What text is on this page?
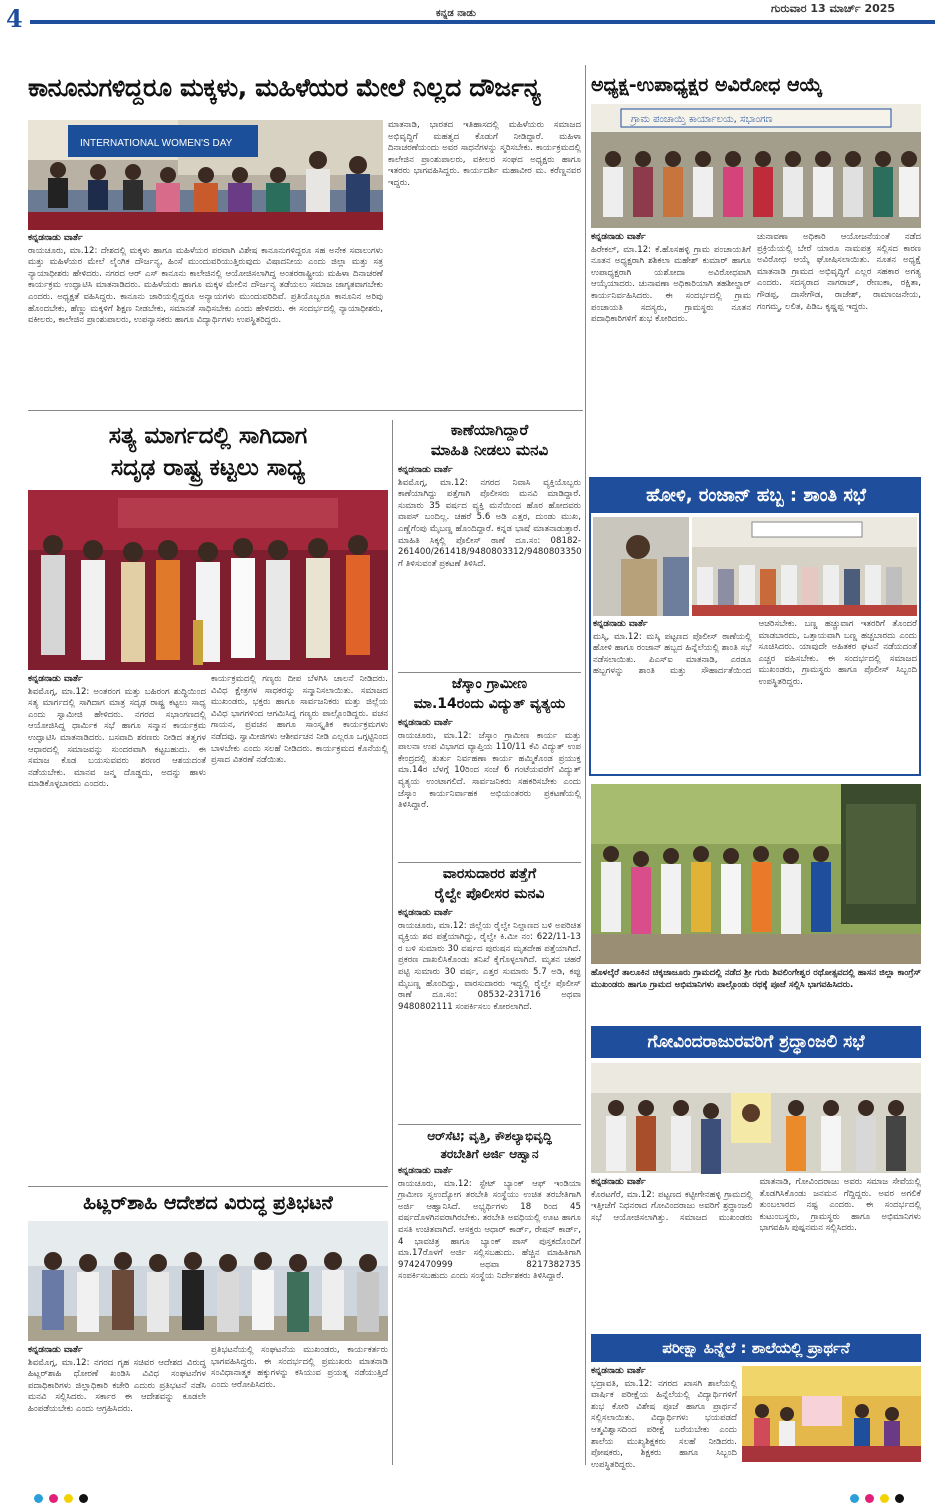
4	ಕನ್ನಡ ನಾಡು	ಗುರುವಾರ 13 ಮಾರ್ಚ್ 2025
ಕಾನೂನುಗಳಿದ್ದರೂ ಮಕ್ಕಳು, ಮಹಿಳೆಯರ ಮೇಲೆ ನಿಲ್ಲದ ದೌರ್ಜನ್ಯ
INTERNATIONAL WOMEN'S DAY
ಕನ್ನಡನಾಡು ವಾರ್ತೆ
ರಾಯಚೂರು, ಮಾ.12: ದೇಶದಲ್ಲಿ ಮಕ್ಕಳು ಹಾಗೂ ಮಹಿಳೆಯರ ಪರವಾಗಿ ವಿಶೇಷ ಕಾನೂನುಗಳಿದ್ದರೂ ಸಹ ಅನೇಕ ಸವಾಲುಗಳು ಮತ್ತು ಮಹಿಳೆಯರ ಮೇಲೆ ಲೈಂಗಿಕ ದೌರ್ಜನ್ಯ, ಹಿಂಸೆ ಮುಂದುವರಿಯುತ್ತಿರುವುದು ವಿಷಾದನೀಯ ಎಂದು ಜಿಲ್ಲಾ ಮತ್ತು ಸತ್ರ ನ್ಯಾಯಾಧೀಶರು ಹೇಳಿದರು. ನಗರದ ಆರ್ ಎಸ್ ಕಾನೂನು ಕಾಲೇಜಿನಲ್ಲಿ ಆಯೋಜಿಸಲಾಗಿದ್ದ ಅಂತರರಾಷ್ಟ್ರೀಯ ಮಹಿಳಾ ದಿನಾಚರಣೆ ಕಾರ್ಯಕ್ರಮ ಉದ್ಘಾಟಿಸಿ ಮಾತನಾಡಿದರು. ಮಹಿಳೆಯರು ಹಾಗೂ ಮಕ್ಕಳ ಮೇಲಿನ ದೌರ್ಜನ್ಯ ತಡೆಯಲು ಸಮಾಜ ಜಾಗೃತವಾಗಬೇಕು ಎಂದರು. ಅಧ್ಯಕ್ಷತೆ ವಹಿಸಿದ್ದರು. ಕಾನೂನು ಜಾರಿಯಲ್ಲಿದ್ದರೂ ಅನ್ಯಾಯಗಳು ಮುಂದುವರಿದಿವೆ. ಪ್ರತಿಯೊಬ್ಬರೂ ಕಾನೂನಿನ ಅರಿವು ಹೊಂದಬೇಕು, ಹೆಣ್ಣು ಮಕ್ಕಳಿಗೆ ಶಿಕ್ಷಣ ನೀಡಬೇಕು, ಸಮಾನತೆ ಸಾಧಿಸಬೇಕು ಎಂದು ಹೇಳಿದರು. ಈ ಸಂದರ್ಭದಲ್ಲಿ ನ್ಯಾಯಾಧೀಶರು, ವಕೀಲರು, ಕಾಲೇಜಿನ ಪ್ರಾಂಶುಪಾಲರು, ಉಪನ್ಯಾಸಕರು ಹಾಗೂ ವಿದ್ಯಾರ್ಥಿಗಳು ಉಪಸ್ಥಿತರಿದ್ದರು.
ಮಾತನಾಡಿ, ಭಾರತದ ಇತಿಹಾಸದಲ್ಲಿ ಮಹಿಳೆಯರು ಸಮಾಜದ ಅಭಿವೃದ್ಧಿಗೆ ಮಹತ್ವದ ಕೊಡುಗೆ ನೀಡಿದ್ದಾರೆ. ಮಹಿಳಾ ದಿನಾಚರಣೆಯಂದು ಅವರ ಸಾಧನೆಗಳನ್ನು ಸ್ಮರಿಸಬೇಕು. ಕಾರ್ಯಕ್ರಮದಲ್ಲಿ ಕಾಲೇಜಿನ ಪ್ರಾಂಶುಪಾಲರು, ವಕೀಲರ ಸಂಘದ ಅಧ್ಯಕ್ಷರು ಹಾಗೂ ಇತರರು ಭಾಗವಹಿಸಿದ್ದರು. ಕಾರ್ಯದರ್ಶಿ ಮಹಾವೀರ ಮ. ಕರೆಣ್ಣನವರ ಇದ್ದರು.
ಅಧ್ಯಕ್ಷ-ಉಪಾಧ್ಯಕ್ಷರ ಅವಿರೋಧ ಆಯ್ಕೆ
ಗ್ರಾಮ ಪಂಚಾಯ್ತಿ ಕಾರ್ಯಾಲಯ, ಸಭಾಂಗಣ
ಕನ್ನಡನಾಡು ವಾರ್ತೆ
ಹಿರೇಕಲ್, ಮಾ.12: ಕೆ.ಹೊಸಹಳ್ಳಿ ಗ್ರಾಮ ಪಂಚಾಯತಿಗೆ ನೂತನ ಅಧ್ಯಕ್ಷರಾಗಿ ಶಶಿಕಲಾ ಮಹೇಶ್ ಕುಮಾರ್ ಹಾಗೂ ಉಪಾಧ್ಯಕ್ಷರಾಗಿ ಯಶೋದಾ ಅವಿರೋಧವಾಗಿ ಆಯ್ಕೆಯಾದರು. ಚುನಾವಣಾ ಅಧಿಕಾರಿಯಾಗಿ ತಹಶೀಲ್ದಾರ್ ಕಾರ್ಯನಿರ್ವಹಿಸಿದರು. ಈ ಸಂದರ್ಭದಲ್ಲಿ ಗ್ರಾಮ ಪಂಚಾಯತಿ ಸದಸ್ಯರು, ಗ್ರಾಮಸ್ಥರು ನೂತನ ಪದಾಧಿಕಾರಿಗಳಿಗೆ ಶುಭ ಕೋರಿದರು.
ಚುನಾವಣಾ ಅಧಿಕಾರಿ ಆಯೋಜನೆಯಂತೆ ನಡೆದ ಪ್ರಕ್ರಿಯೆಯಲ್ಲಿ ಬೇರೆ ಯಾರೂ ನಾಮಪತ್ರ ಸಲ್ಲಿಸದ ಕಾರಣ ಅವಿರೋಧ ಆಯ್ಕೆ ಘೋಷಿಸಲಾಯಿತು. ನೂತನ ಅಧ್ಯಕ್ಷೆ ಮಾತನಾಡಿ ಗ್ರಾಮದ ಅಭಿವೃದ್ಧಿಗೆ ಎಲ್ಲರ ಸಹಕಾರ ಅಗತ್ಯ ಎಂದರು. ಸದಸ್ಯರಾದ ನಾಗರಾಜ್, ರೇಣುಕಾ, ರಕ್ಷಿತಾ, ಗೌಡಪ್ಪ, ದಾಸೇಗೌಡ, ರಾಜೇಶ್, ರಾಮಾಂಜನೇಯ, ಗಂಗಮ್ಮ, ಲಲಿತ, ಪಿಡಿಒ ಕೃಷ್ಣಪ್ಪ ಇದ್ದರು.
ಹೋಳಿ, ರಂಜಾನ್ ಹಬ್ಬ : ಶಾಂತಿ ಸಭೆ
ಕನ್ನಡನಾಡು ವಾರ್ತೆ
ಮಸ್ಕಿ, ಮಾ.12: ಮಸ್ಕಿ ಪಟ್ಟಣದ ಪೊಲೀಸ್ ಠಾಣೆಯಲ್ಲಿ ಹೋಳಿ ಹಾಗೂ ರಂಜಾನ್ ಹಬ್ಬದ ಹಿನ್ನೆಲೆಯಲ್ಲಿ ಶಾಂತಿ ಸಭೆ ನಡೆಸಲಾಯಿತು. ಪಿಎಸ್ಐ ಮಾತನಾಡಿ, ಎರಡೂ ಹಬ್ಬಗಳನ್ನು ಶಾಂತಿ ಮತ್ತು ಸೌಹಾರ್ದತೆಯಿಂದ ಆಚರಿಸಬೇಕು. ಬಣ್ಣ ಹಚ್ಚುವಾಗ ಇತರರಿಗೆ ತೊಂದರೆ ಮಾಡಬಾರದು, ಒತ್ತಾಯವಾಗಿ ಬಣ್ಣ ಹಚ್ಚಬಾರದು ಎಂದು ಸೂಚಿಸಿದರು. ಯಾವುದೇ ಅಹಿತಕರ ಘಟನೆ ನಡೆಯದಂತೆ ಎಚ್ಚರ ವಹಿಸಬೇಕು. ಈ ಸಂದರ್ಭದಲ್ಲಿ ಸಮಾಜದ ಮುಖಂಡರು, ಗ್ರಾಮಸ್ಥರು ಹಾಗೂ ಪೊಲೀಸ್ ಸಿಬ್ಬಂದಿ ಉಪಸ್ಥಿತರಿದ್ದರು.
ಸತ್ಯ ಮಾರ್ಗದಲ್ಲಿ ಸಾಗಿದಾಗ
ಸದೃಢ ರಾಷ್ಟ್ರ ಕಟ್ಟಲು ಸಾಧ್ಯ
ಕನ್ನಡನಾಡು ವಾರ್ತೆ
ಶಿವಮೊಗ್ಗ, ಮಾ.12: ಅಂತರಂಗ ಮತ್ತು ಬಹಿರಂಗ ಶುದ್ಧಿಯಿಂದ ಸತ್ಯ ಮಾರ್ಗದಲ್ಲಿ ಸಾಗಿದಾಗ ಮಾತ್ರ ಸದೃಢ ರಾಷ್ಟ್ರ ಕಟ್ಟಲು ಸಾಧ್ಯ ಎಂದು ಸ್ವಾಮೀಜಿ ಹೇಳಿದರು. ನಗರದ ಸಭಾಂಗಣದಲ್ಲಿ ಆಯೋಜಿಸಿದ್ದ ಧಾರ್ಮಿಕ ಸಭೆ ಹಾಗೂ ಸನ್ಮಾನ ಕಾರ್ಯಕ್ರಮ ಉದ್ಘಾಟಿಸಿ ಮಾತನಾಡಿದರು. ಬಸವಾದಿ ಶರಣರು ನೀಡಿದ ತತ್ವಗಳ ಆಧಾರದಲ್ಲಿ ಸಮಾಜವನ್ನು ಸುಂದರವಾಗಿ ಕಟ್ಟಬಹುದು. ಈ ಸಮಾಜ ಕೊಡ ಬಯಸುವವರು ಶರಣರ ಆಶಯದಂತೆ ನಡೆಯಬೇಕು. ಮಾನವ ಜನ್ಮ ದೊಡ್ಡದು, ಅದನ್ನು ಹಾಳು ಮಾಡಿಕೊಳ್ಳಬಾರದು ಎಂದರು.
ಕಾರ್ಯಕ್ರಮದಲ್ಲಿ ಗಣ್ಯರು ದೀಪ ಬೆಳಗಿಸಿ ಚಾಲನೆ ನೀಡಿದರು. ವಿವಿಧ ಕ್ಷೇತ್ರಗಳ ಸಾಧಕರನ್ನು ಸನ್ಮಾನಿಸಲಾಯಿತು. ಸಮಾಜದ ಮುಖಂಡರು, ಭಕ್ತರು ಹಾಗೂ ಸಾರ್ವಜನಿಕರು ಮತ್ತು ಜಿಲ್ಲೆಯ ವಿವಿಧ ಭಾಗಗಳಿಂದ ಆಗಮಿಸಿದ್ದ ಗಣ್ಯರು ಪಾಲ್ಗೊಂಡಿದ್ದರು. ವಚನ ಗಾಯನ, ಪ್ರವಚನ ಹಾಗೂ ಸಾಂಸ್ಕೃತಿಕ ಕಾರ್ಯಕ್ರಮಗಳು ನಡೆದವು. ಸ್ವಾಮೀಜಿಗಳು ಆಶೀರ್ವಚನ ನೀಡಿ ಎಲ್ಲರೂ ಒಗ್ಗಟ್ಟಿನಿಂದ ಬಾಳಬೇಕು ಎಂದು ಸಲಹೆ ನೀಡಿದರು. ಕಾರ್ಯಕ್ರಮದ ಕೊನೆಯಲ್ಲಿ ಪ್ರಸಾದ ವಿತರಣೆ ನಡೆಯಿತು.
ಹಿಟ್ಲರ್‌ಶಾಹಿ ಆದೇಶದ ವಿರುದ್ಧ ಪ್ರತಿಭಟನೆ
ಕನ್ನಡನಾಡು ವಾರ್ತೆ
ಶಿವಮೊಗ್ಗ, ಮಾ.12: ನಗರದ ಗೃಹ ಸಚಿವರ ಆದೇಶದ ವಿರುದ್ಧ ಹಿಟ್ಲರ್‌ಶಾಹಿ ಧೋರಣೆ ಖಂಡಿಸಿ ವಿವಿಧ ಸಂಘಟನೆಗಳ ಪದಾಧಿಕಾರಿಗಳು ಜಿಲ್ಲಾಧಿಕಾರಿ ಕಚೇರಿ ಎದುರು ಪ್ರತಿಭಟನೆ ನಡೆಸಿ ಮನವಿ ಸಲ್ಲಿಸಿದರು. ಸರ್ಕಾರ ಈ ಆದೇಶವನ್ನು ಕೂಡಲೇ ಹಿಂಪಡೆಯಬೇಕು ಎಂದು ಆಗ್ರಹಿಸಿದರು.
ಪ್ರತಿಭಟನೆಯಲ್ಲಿ ಸಂಘಟನೆಯ ಮುಖಂಡರು, ಕಾರ್ಯಕರ್ತರು ಭಾಗವಹಿಸಿದ್ದರು. ಈ ಸಂದರ್ಭದಲ್ಲಿ ಪ್ರಮುಖರು ಮಾತನಾಡಿ ಸಂವಿಧಾನಾತ್ಮಕ ಹಕ್ಕುಗಳನ್ನು ಕಸಿಯುವ ಪ್ರಯತ್ನ ನಡೆಯುತ್ತಿದೆ ಎಂದು ಆರೋಪಿಸಿದರು.
ಕಾಣೆಯಾಗಿದ್ದಾರೆ
ಮಾಹಿತಿ ನೀಡಲು ಮನವಿ
ಕನ್ನಡನಾಡು ವಾರ್ತೆ
ಶಿವಮೊಗ್ಗ, ಮಾ.12: ನಗರದ ನಿವಾಸಿ ವ್ಯಕ್ತಿಯೊಬ್ಬರು ಕಾಣೆಯಾಗಿದ್ದು ಪತ್ತೆಗಾಗಿ ಪೊಲೀಸರು ಮನವಿ ಮಾಡಿದ್ದಾರೆ. ಸುಮಾರು 35 ವರ್ಷದ ವ್ಯಕ್ತಿ ಮನೆಯಿಂದ ಹೊರ ಹೋದವರು ವಾಪಸ್ ಬಂದಿಲ್ಲ. ಚಹರೆ 5.6 ಅಡಿ ಎತ್ತರ, ದುಂಡು ಮುಖ, ಎಣ್ಣೆಗೆಂಪು ಮೈಬಣ್ಣ ಹೊಂದಿದ್ದಾರೆ. ಕನ್ನಡ ಭಾಷೆ ಮಾತನಾಡುತ್ತಾರೆ. ಮಾಹಿತಿ ಸಿಕ್ಕಲ್ಲಿ ಪೊಲೀಸ್ ಠಾಣೆ ದೂ.ಸಂ: 08182-261400/261418/9480803312/9480803350 ಗೆ ತಿಳಿಸುವಂತೆ ಪ್ರಕಟಣೆ ತಿಳಿಸಿದೆ.
ಜೆಸ್ಕಾಂ ಗ್ರಾಮೀಣ
ಮಾ.14ರಂದು ವಿದ್ಯುತ್ ವ್ಯತ್ಯಯ
ಕನ್ನಡನಾಡು ವಾರ್ತೆ
ರಾಯಚೂರು, ಮಾ.12: ಜೆಸ್ಕಾಂ ಗ್ರಾಮೀಣ ಕಾರ್ಯ ಮತ್ತು ಪಾಲನಾ ಉಪ ವಿಭಾಗದ ವ್ಯಾಪ್ತಿಯ 110/11 ಕೆವಿ ವಿದ್ಯುತ್ ಉಪ ಕೇಂದ್ರದಲ್ಲಿ ತುರ್ತು ನಿರ್ವಹಣಾ ಕಾರ್ಯ ಹಮ್ಮಿಕೊಂಡ ಪ್ರಯುಕ್ತ ಮಾ.14ರ ಬೆಳಗ್ಗೆ 10ರಿಂದ ಸಂಜೆ 6 ಗಂಟೆಯವರೆಗೆ ವಿದ್ಯುತ್ ವ್ಯತ್ಯಯ ಉಂಟಾಗಲಿದೆ. ಸಾರ್ವಜನಿಕರು ಸಹಕರಿಸಬೇಕು ಎಂದು ಜೆಸ್ಕಾಂ ಕಾರ್ಯನಿರ್ವಾಹಕ ಅಭಿಯಂತರರು ಪ್ರಕಟಣೆಯಲ್ಲಿ ತಿಳಿಸಿದ್ದಾರೆ.
ವಾರಸುದಾರರ ಪತ್ತೆಗೆ
ರೈಲ್ವೇ ಪೊಲೀಸರ ಮನವಿ
ಕನ್ನಡನಾಡು ವಾರ್ತೆ
ರಾಯಚೂರು, ಮಾ.12: ಜಿಲ್ಲೆಯ ರೈಲ್ವೇ ನಿಲ್ದಾಣದ ಬಳಿ ಅಪರಿಚಿತ ವ್ಯಕ್ತಿಯ ಶವ ಪತ್ತೆಯಾಗಿದ್ದು, ರೈಲ್ವೇ ಕಿ.ಮೀ ನಂ: 622/11-13 ರ ಬಳಿ ಸುಮಾರು 30 ವರ್ಷದ ಪುರುಷನ ಮೃತದೇಹ ಪತ್ತೆಯಾಗಿದೆ. ಪ್ರಕರಣ ದಾಖಲಿಸಿಕೊಂಡು ತನಿಖೆ ಕೈಗೊಳ್ಳಲಾಗಿದೆ. ಮೃತನ ಚಹರೆ ಪಟ್ಟಿ ಸುಮಾರು 30 ವರ್ಷ, ಎತ್ತರ ಸುಮಾರು 5.7 ಅಡಿ, ಕಪ್ಪು ಮೈಬಣ್ಣ ಹೊಂದಿದ್ದು, ವಾರಸುದಾರರು ಇದ್ದಲ್ಲಿ ರೈಲ್ವೇ ಪೊಲೀಸ್ ಠಾಣೆ ದೂ.ಸಂ: 08532-231716 ಅಥವಾ 9480802111 ಸಂಪರ್ಕಿಸಲು ಕೋರಲಾಗಿದೆ.
ಆರ್‌ಸೆಟಿ; ವೃತ್ತಿ, ಕೌಶಲ್ಯಾಭಿವೃದ್ಧಿ
ತರಬೇತಿಗೆ ಅರ್ಜಿ ಆಹ್ವಾನ
ಕನ್ನಡನಾಡು ವಾರ್ತೆ
ರಾಯಚೂರು, ಮಾ.12: ಸ್ಟೇಟ್ ಬ್ಯಾಂಕ್ ಆಫ್ ಇಂಡಿಯಾ ಗ್ರಾಮೀಣ ಸ್ವಉದ್ಯೋಗ ತರಬೇತಿ ಸಂಸ್ಥೆಯು ಉಚಿತ ತರಬೇತಿಗಾಗಿ ಅರ್ಜಿ ಆಹ್ವಾನಿಸಿದೆ. ಅಭ್ಯರ್ಥಿಗಳು 18 ರಿಂದ 45 ವರ್ಷದೊಳಗಿನವರಾಗಿರಬೇಕು. ತರಬೇತಿ ಅವಧಿಯಲ್ಲಿ ಊಟ ಹಾಗೂ ವಸತಿ ಉಚಿತವಾಗಿದೆ. ಆಸಕ್ತರು ಆಧಾರ್ ಕಾರ್ಡ್, ರೇಷನ್ ಕಾರ್ಡ್, 4 ಭಾವಚಿತ್ರ ಹಾಗೂ ಬ್ಯಾಂಕ್ ಪಾಸ್ ಪುಸ್ತಕದೊಂದಿಗೆ ಮಾ.17ರೊಳಗೆ ಅರ್ಜಿ ಸಲ್ಲಿಸಬಹುದು. ಹೆಚ್ಚಿನ ಮಾಹಿತಿಗಾಗಿ 9742470999 ಅಥವಾ 8217382735 ಸಂಪರ್ಕಿಸಬಹುದು ಎಂದು ಸಂಸ್ಥೆಯ ನಿರ್ದೇಶಕರು ತಿಳಿಸಿದ್ದಾರೆ.
ಹೊಳಲ್ಕೆರೆ ತಾಲೂಕಿನ ಚಿಕ್ಕಜಾಜೂರು ಗ್ರಾಮದಲ್ಲಿ ನಡೆದ ಶ್ರೀ ಗುರು ಶಿವಲಿಂಗೇಶ್ವರ ರಥೋತ್ಸವದಲ್ಲಿ ಹಾಸನ ಜಿಲ್ಲಾ ಕಾಂಗ್ರೆಸ್ ಮುಖಂಡರು ಹಾಗೂ ಗ್ರಾಮದ ಅಭಿಮಾನಿಗಳು ಪಾಲ್ಗೊಂಡು ರಥಕ್ಕೆ ಪೂಜೆ ಸಲ್ಲಿಸಿ ಭಾಗವಹಿಸಿದರು.
ಗೋವಿಂದರಾಜುರವರಿಗೆ ಶ್ರದ್ಧಾಂಜಲಿ ಸಭೆ
ಕನ್ನಡನಾಡು ವಾರ್ತೆ
ಕೊರಟಗೆರೆ, ಮಾ.12: ಪಟ್ಟಣದ ಕಟ್ಟೀಗೇನಹಳ್ಳಿ ಗ್ರಾಮದಲ್ಲಿ ಇತ್ತೀಚೆಗೆ ನಿಧನರಾದ ಗೋವಿಂದರಾಜು ಅವರಿಗೆ ಶ್ರದ್ಧಾಂಜಲಿ ಸಭೆ ಆಯೋಜಿಸಲಾಗಿತ್ತು. ಸಮಾಜದ ಮುಖಂಡರು ಮಾತನಾಡಿ, ಗೋವಿಂದರಾಜು ಅವರು ಸಮಾಜ ಸೇವೆಯಲ್ಲಿ ತೊಡಗಿಸಿಕೊಂಡು ಜನಮನ ಗೆದ್ದಿದ್ದರು. ಅವರ ಅಗಲಿಕೆ ತುಂಬಲಾರದ ನಷ್ಟ ಎಂದರು. ಈ ಸಂದರ್ಭದಲ್ಲಿ ಕುಟುಂಬಸ್ಥರು, ಗ್ರಾಮಸ್ಥರು ಹಾಗೂ ಅಭಿಮಾನಿಗಳು ಭಾಗವಹಿಸಿ ಪುಷ್ಪನಮನ ಸಲ್ಲಿಸಿದರು.
ಪರೀಕ್ಷಾ ಹಿನ್ನೆಲೆ : ಶಾಲೆಯಲ್ಲಿ ಪ್ರಾರ್ಥನೆ
ಕನ್ನಡನಾಡು ವಾರ್ತೆ
ಭದ್ರಾವತಿ, ಮಾ.12: ನಗರದ ಖಾಸಗಿ ಶಾಲೆಯಲ್ಲಿ ವಾರ್ಷಿಕ ಪರೀಕ್ಷೆಯ ಹಿನ್ನೆಲೆಯಲ್ಲಿ ವಿದ್ಯಾರ್ಥಿಗಳಿಗೆ ಶುಭ ಕೋರಿ ವಿಶೇಷ ಪೂಜೆ ಹಾಗೂ ಪ್ರಾರ್ಥನೆ ಸಲ್ಲಿಸಲಾಯಿತು. ವಿದ್ಯಾರ್ಥಿಗಳು ಭಯಪಡದೆ ಆತ್ಮವಿಶ್ವಾಸದಿಂದ ಪರೀಕ್ಷೆ ಬರೆಯಬೇಕು ಎಂದು ಶಾಲೆಯ ಮುಖ್ಯಶಿಕ್ಷಕರು ಸಲಹೆ ನೀಡಿದರು. ಪೋಷಕರು, ಶಿಕ್ಷಕರು ಹಾಗೂ ಸಿಬ್ಬಂದಿ ಉಪಸ್ಥಿತರಿದ್ದರು.
